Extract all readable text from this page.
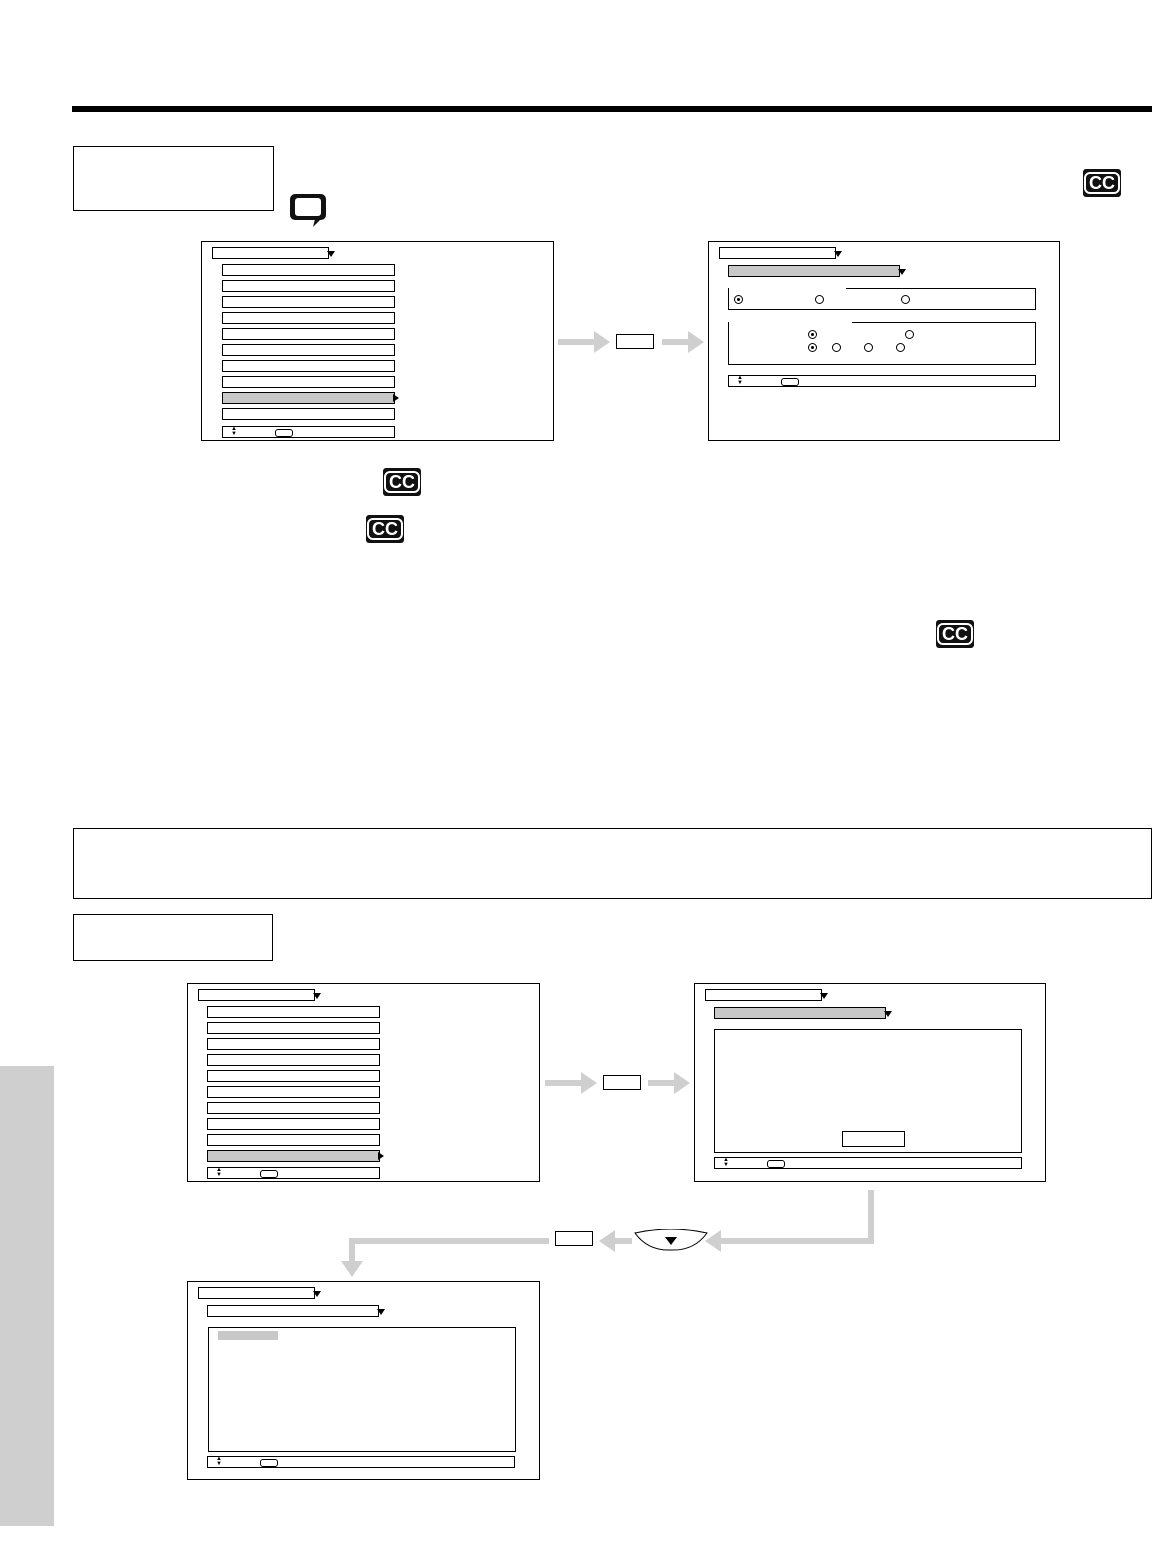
CC
CC
CC
CC
▲
▼
▲
▼
▲
▼
▲
▼
▲
▼
